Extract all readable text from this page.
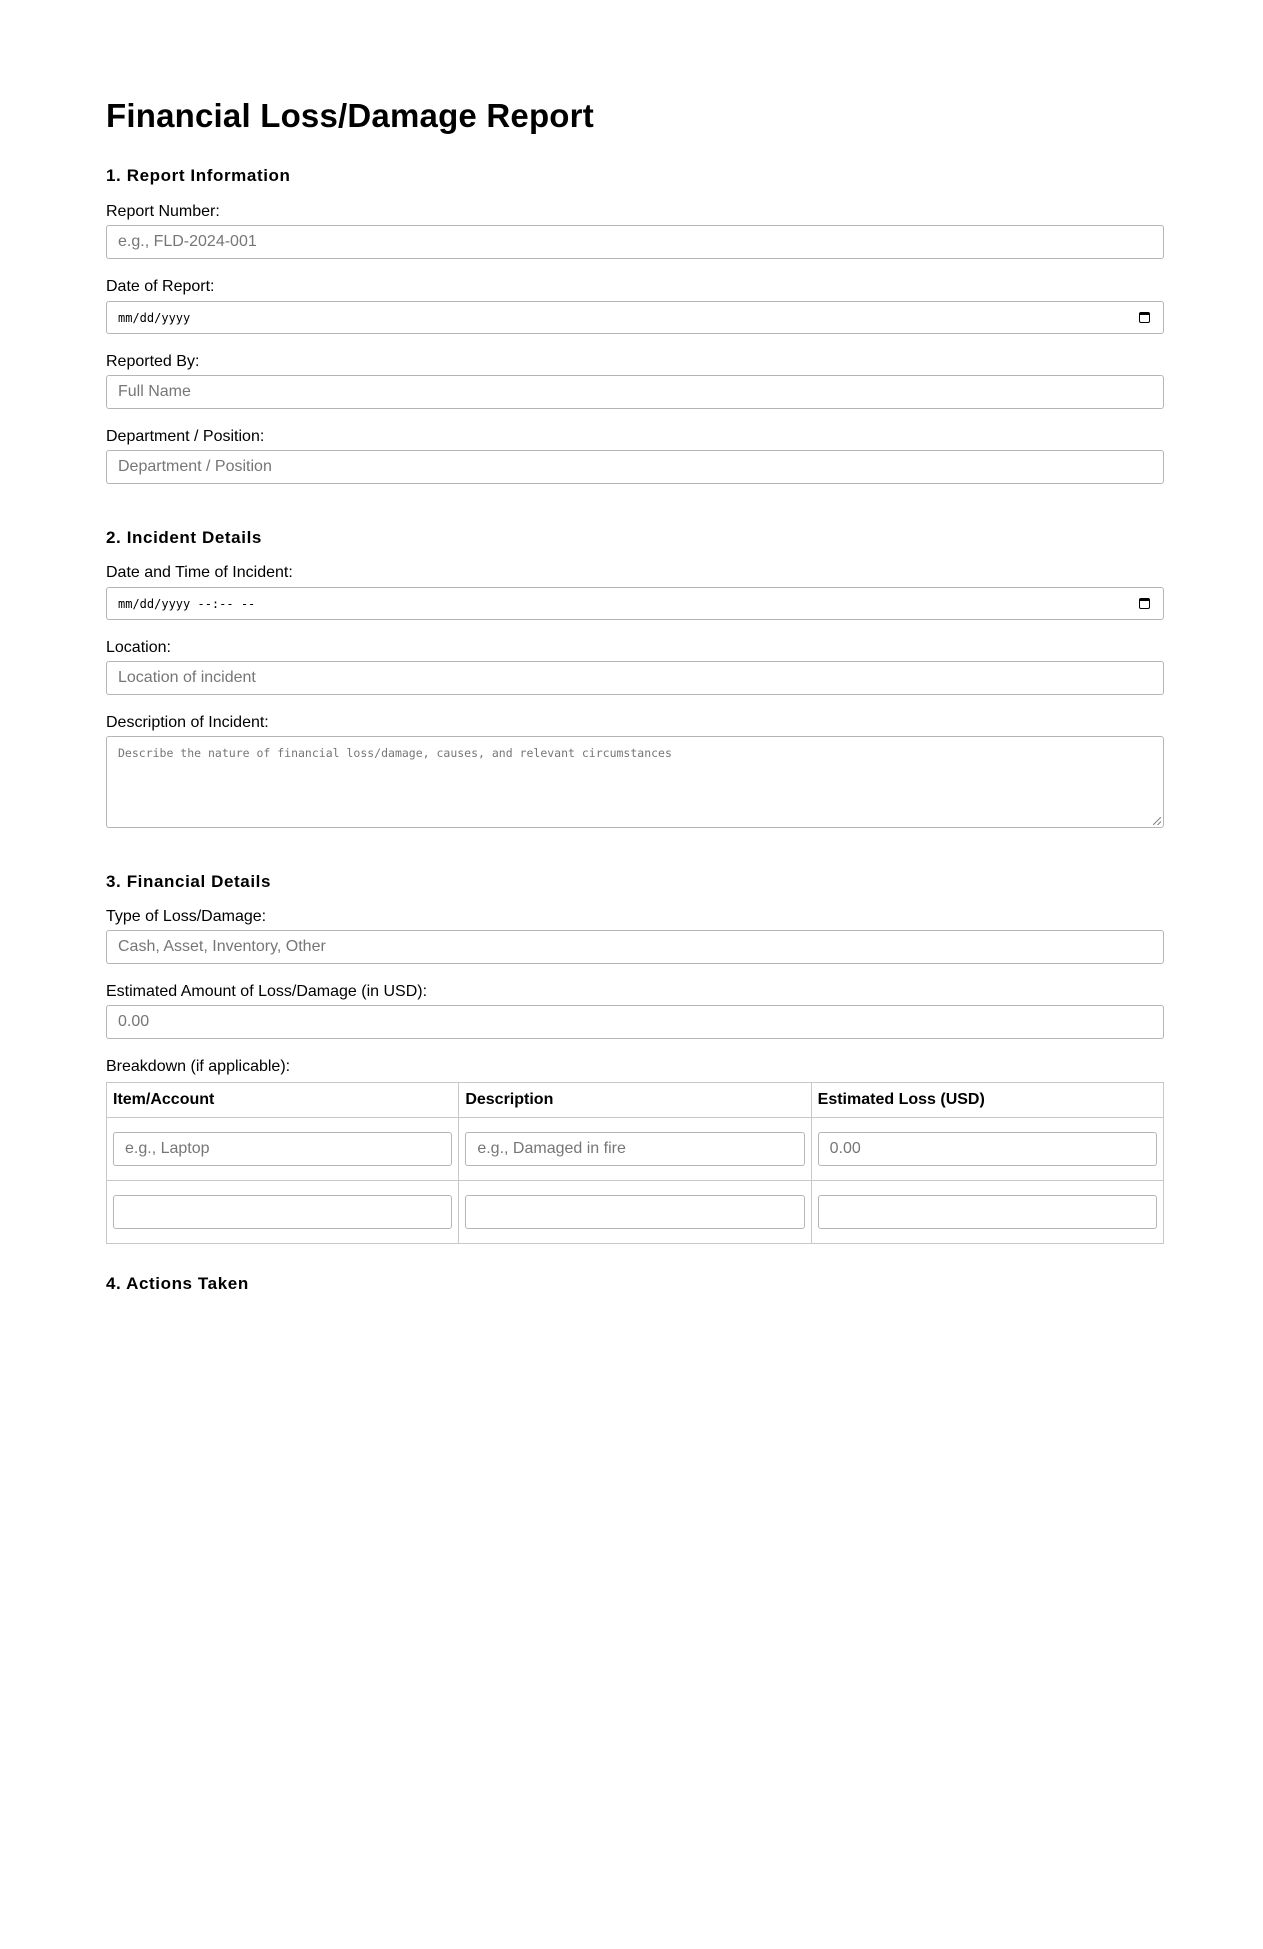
Financial Loss/Damage Report
1. Report Information
Report Number:
e.g., FLD-2024-001
Date of Report:
mm/dd/yyyy
Reported By:
Full Name
Department / Position:
Department / Position
2. Incident Details
Date and Time of Incident:
mm/dd/yyyy --:-- --
Location:
Location of incident
Description of Incident:
Describe the nature of financial loss/damage, causes, and relevant circumstances
3. Financial Details
Type of Loss/Damage:
Cash, Asset, Inventory, Other
Estimated Amount of Loss/Damage (in USD):
0.00
Breakdown (if applicable):
Item/Account	Description	Estimated Loss (USD)

e.g., Laptop	e.g., Damaged in fire	0.00

4. Actions Taken
